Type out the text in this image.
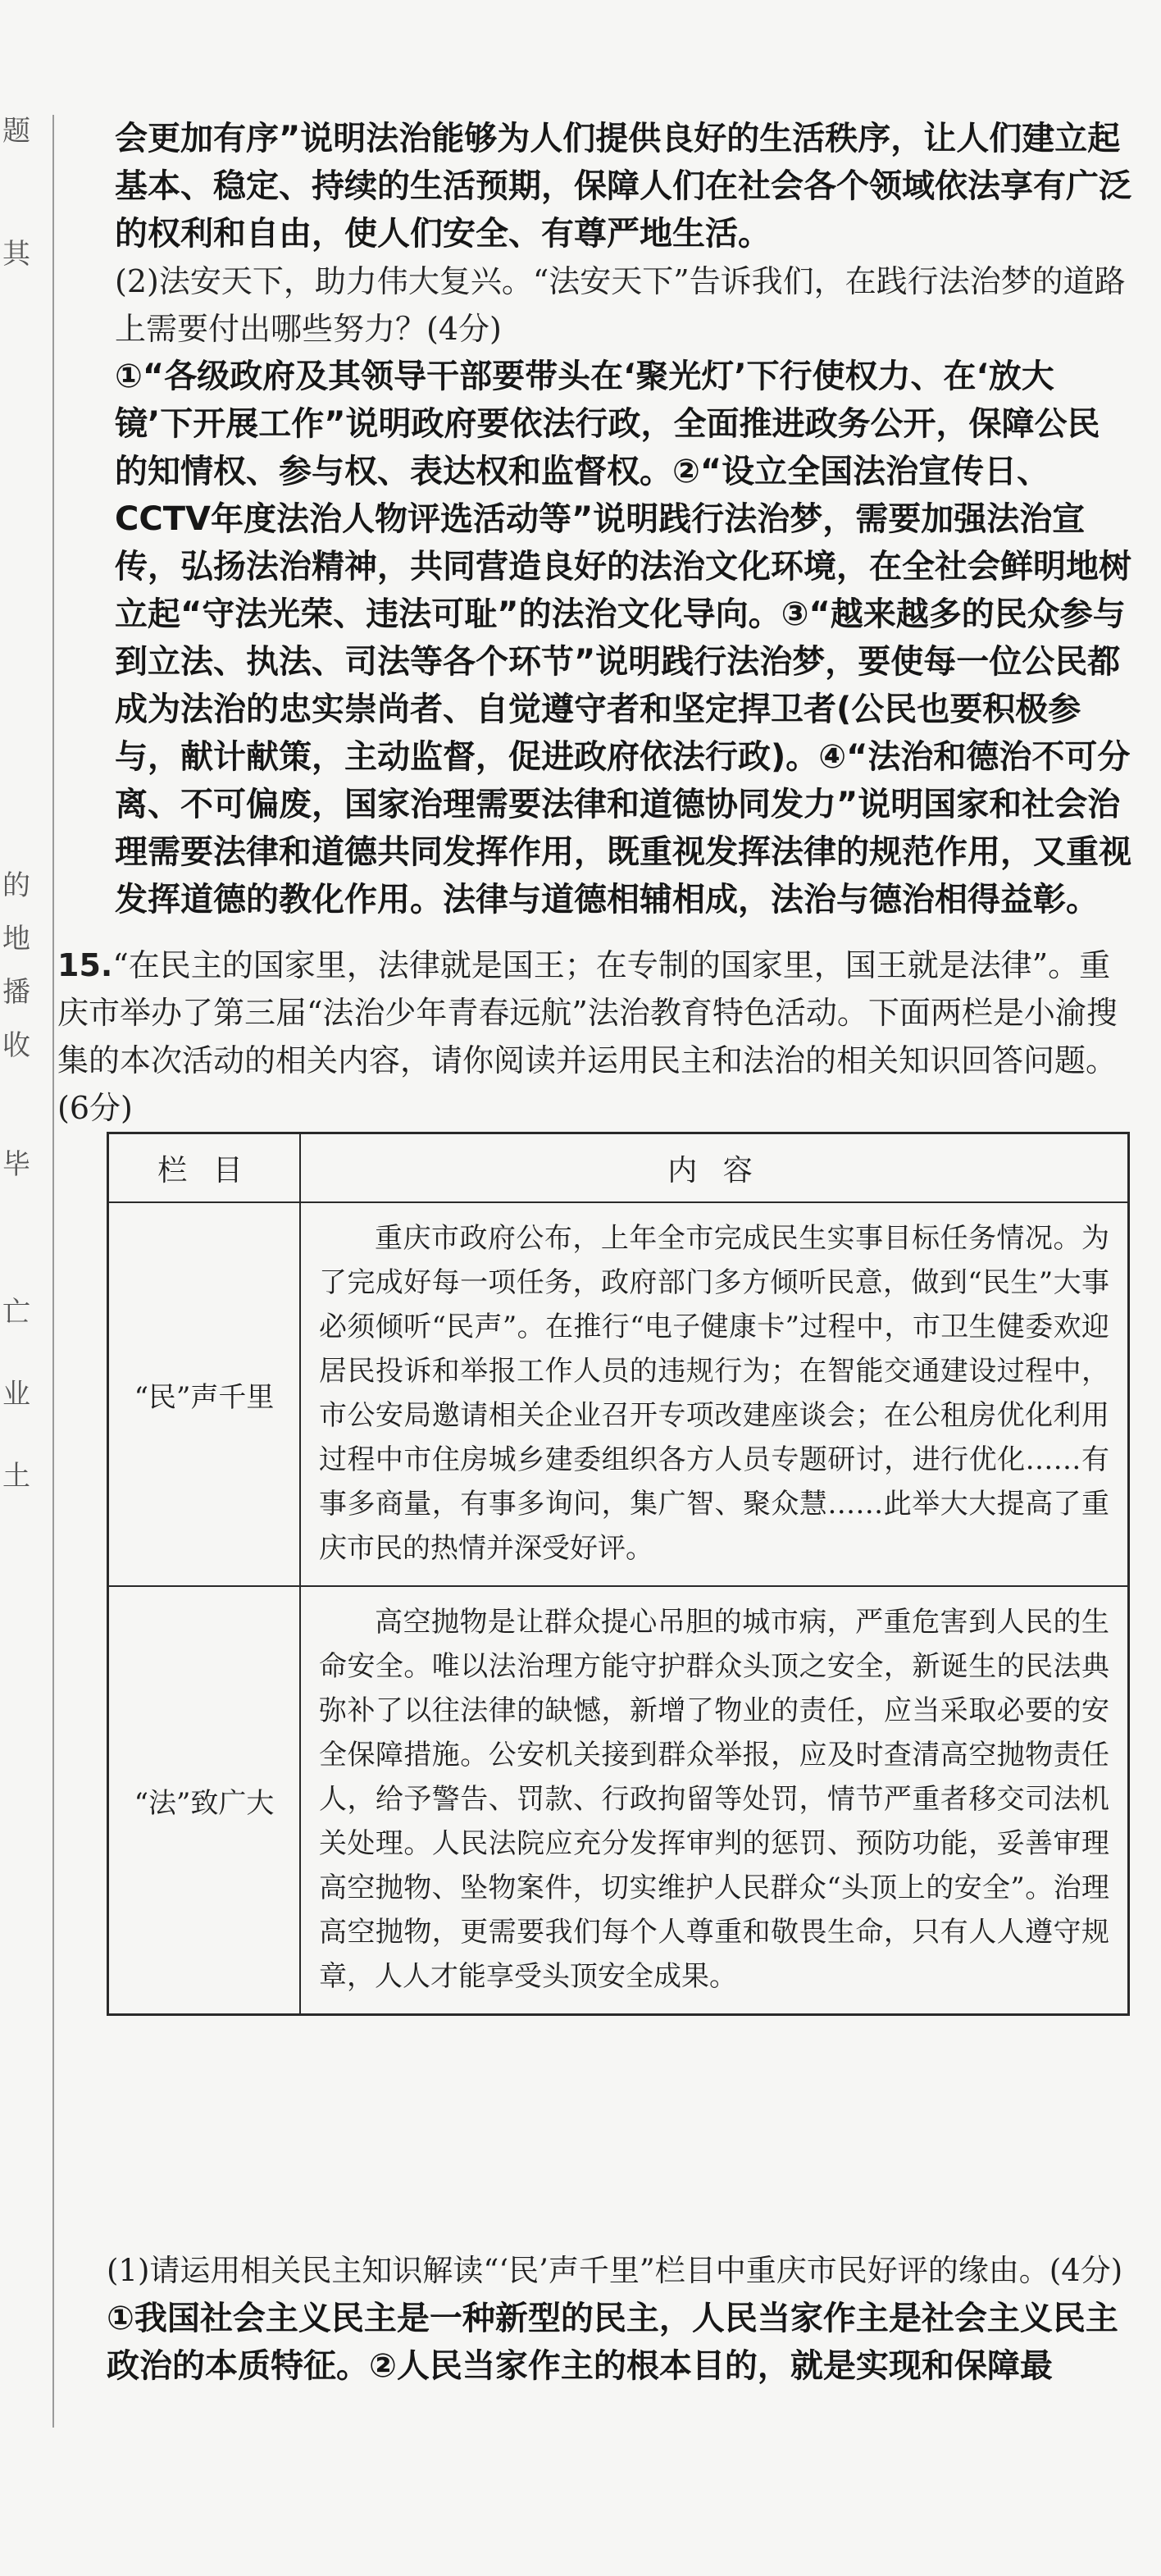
题
其
的
地
播
收
毕
亡
业
土

会更加有序”说明法治能够为人们提供良好的生活秩序，让人们建立起基本、稳定、持续的生活预期，保障人们在社会各个领域依法享有广泛的权利和自由，使人们安全、有尊严地生活。

(2)法安天下，助力伟大复兴。“法安天下”告诉我们，在践行法治梦的道路上需要付出哪些努力？(4分)

①“各级政府及其领导干部要带头在‘聚光灯’下行使权力、在‘放大镜’下开展工作”说明政府要依法行政，全面推进政务公开，保障公民的知情权、参与权、表达权和监督权。②“设立全国法治宣传日、CCTV年度法治人物评选活动等”说明践行法治梦，需要加强法治宣传，弘扬法治精神，共同营造良好的法治文化环境，在全社会鲜明地树立起“守法光荣、违法可耻”的法治文化导向。③“越来越多的民众参与到立法、执法、司法等各个环节”说明践行法治梦，要使每一位公民都成为法治的忠实崇尚者、自觉遵守者和坚定捍卫者(公民也要积极参与，献计献策，主动监督，促进政府依法行政)。④“法治和德治不可分离、不可偏废，国家治理需要法律和道德协同发力”说明国家和社会治理需要法律和道德共同发挥作用，既重视发挥法律的规范作用，又重视发挥道德的教化作用。法律与道德相辅相成，法治与德治相得益彰。

15.“在民主的国家里，法律就是国王；在专制的国家里，国王就是法律”。重庆市举办了第三届“法治少年青春远航”法治教育特色活动。下面两栏是小渝搜集的本次活动的相关内容，请你阅读并运用民主和法治的相关知识回答问题。(6分)

栏 目	内 容
“民”声千里	重庆市政府公布，上年全市完成民生实事目标任务情况。为了完成好每一项任务，政府部门多方倾听民意，做到“民生”大事必须倾听“民声”。在推行“电子健康卡”过程中，市卫生健委欢迎居民投诉和举报工作人员的违规行为；在智能交通建设过程中，市公安局邀请相关企业召开专项改建座谈会；在公租房优化利用过程中市住房城乡建委组织各方人员专题研讨，进行优化……有事多商量，有事多询问，集广智、聚众慧……此举大大提高了重庆市民的热情并深受好评。

“法”致广大	高空抛物是让群众提心吊胆的城市病，严重危害到人民的生命安全。唯以法治理方能守护群众头顶之安全，新诞生的民法典弥补了以往法律的缺憾，新增了物业的责任，应当采取必要的安全保障措施。公安机关接到群众举报，应及时查清高空抛物责任人，给予警告、罚款、行政拘留等处罚，情节严重者移交司法机关处理。人民法院应充分发挥审判的惩罚、预防功能，妥善审理高空抛物、坠物案件，切实维护人民群众“头顶上的安全”。治理高空抛物，更需要我们每个人尊重和敬畏生命，只有人人遵守规章，人人才能享受头顶安全成果。

(1)请运用相关民主知识解读“‘民’声千里”栏目中重庆市民好评的缘由。(4分)

①我国社会主义民主是一种新型的民主，人民当家作主是社会主义民主政治的本质特征。②人民当家作主的根本目的，就是实现和保障最
